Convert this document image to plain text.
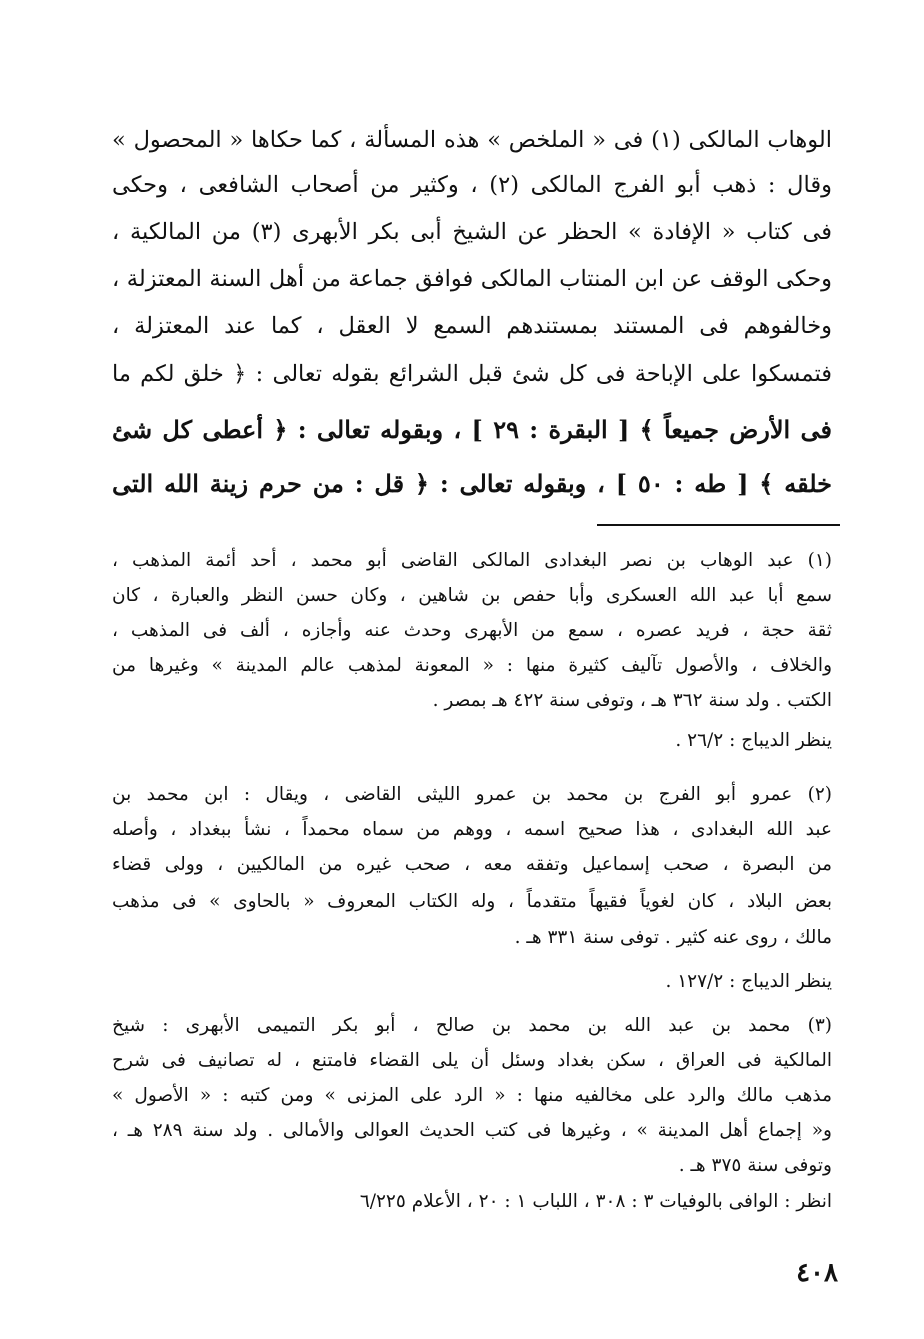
الوهاب المالكى (١) فى « الملخص » هذه المسألة ، كما حكاها « المحصول »

وقال : ذهب أبو الفرج المالكى (٢) ، وكثير من أصحاب الشافعى ، وحكى

فى كتاب « الإفادة » الحظر عن الشيخ أبى بكر الأبهرى (٣) من المالكية ،

وحكى الوقف عن ابن المنتاب المالكى فوافق جماعة من أهل السنة المعتزلة ،

وخالفوهم فى المستند بمستندهم السمع لا العقل ، كما عند المعتزلة ،

فتمسكوا على الإباحة فى كل شئ قبل الشرائع بقوله تعالى : ﴿ خلق لكم ما

فى الأرض جميعاً ﴾ [ البقرة : ٢٩ ] ، وبقوله تعالى : ﴿ أعطى كل شئ

خلقه ﴾ [ طه : ٥٠ ] ، وبقوله تعالى : ﴿ قل : من حرم زينة الله التى

(١) عبد الوهاب بن نصر البغدادى المالكى القاضى أبو محمد ، أحد أئمة المذهب ،

سمع أبا عبد الله العسكرى وأبا حفص بن شاهين ، وكان حسن النظر والعبارة ، كان

ثقة حجة ، فريد عصره ، سمع من الأبهرى وحدث عنه وأجازه ، ألف فى المذهب ،

والخلاف ، والأصول تآليف كثيرة منها : « المعونة لمذهب عالم المدينة » وغيرها من

الكتب . ولد سنة ٣٦٢ هـ ، وتوفى سنة ٤٢٢ هـ بمصر .

ينظر الديباج : ٢٦/٢ .

(٢) عمرو أبو الفرج بن محمد بن عمرو الليثى القاضى ، ويقال : ابن محمد بن

عبد الله البغدادى ، هذا صحيح اسمه ، ووهم من سماه محمداً ، نشأ ببغداد ، وأصله

من البصرة ، صحب إسماعيل وتفقه معه ، صحب غيره من المالكيين ، وولى قضاء

بعض البلاد ، كان لغوياً فقيهاً متقدماً ، وله الكتاب المعروف « بالحاوى » فى مذهب

مالك ، روى عنه كثير . توفى سنة ٣٣١ هـ .

ينظر الديباج : ١٢٧/٢ .

(٣) محمد بن عبد الله بن محمد بن صالح ، أبو بكر التميمى الأبهرى : شيخ

المالكية فى العراق ، سكن بغداد وسئل أن يلى القضاء فامتنع ، له تصانيف فى شرح

مذهب مالك والرد على مخالفيه منها : « الرد على المزنى » ومن كتبه : « الأصول »

و« إجماع أهل المدينة » ، وغيرها فى كتب الحديث العوالى والأمالى . ولد سنة ٢٨٩ هـ ،

وتوفى سنة ٣٧٥ هـ .

انظر : الوافى بالوفيات ٣ : ٣٠٨ ، اللباب ١ : ٢٠ ، الأعلام ٦/٢٢٥

٤٠٨
